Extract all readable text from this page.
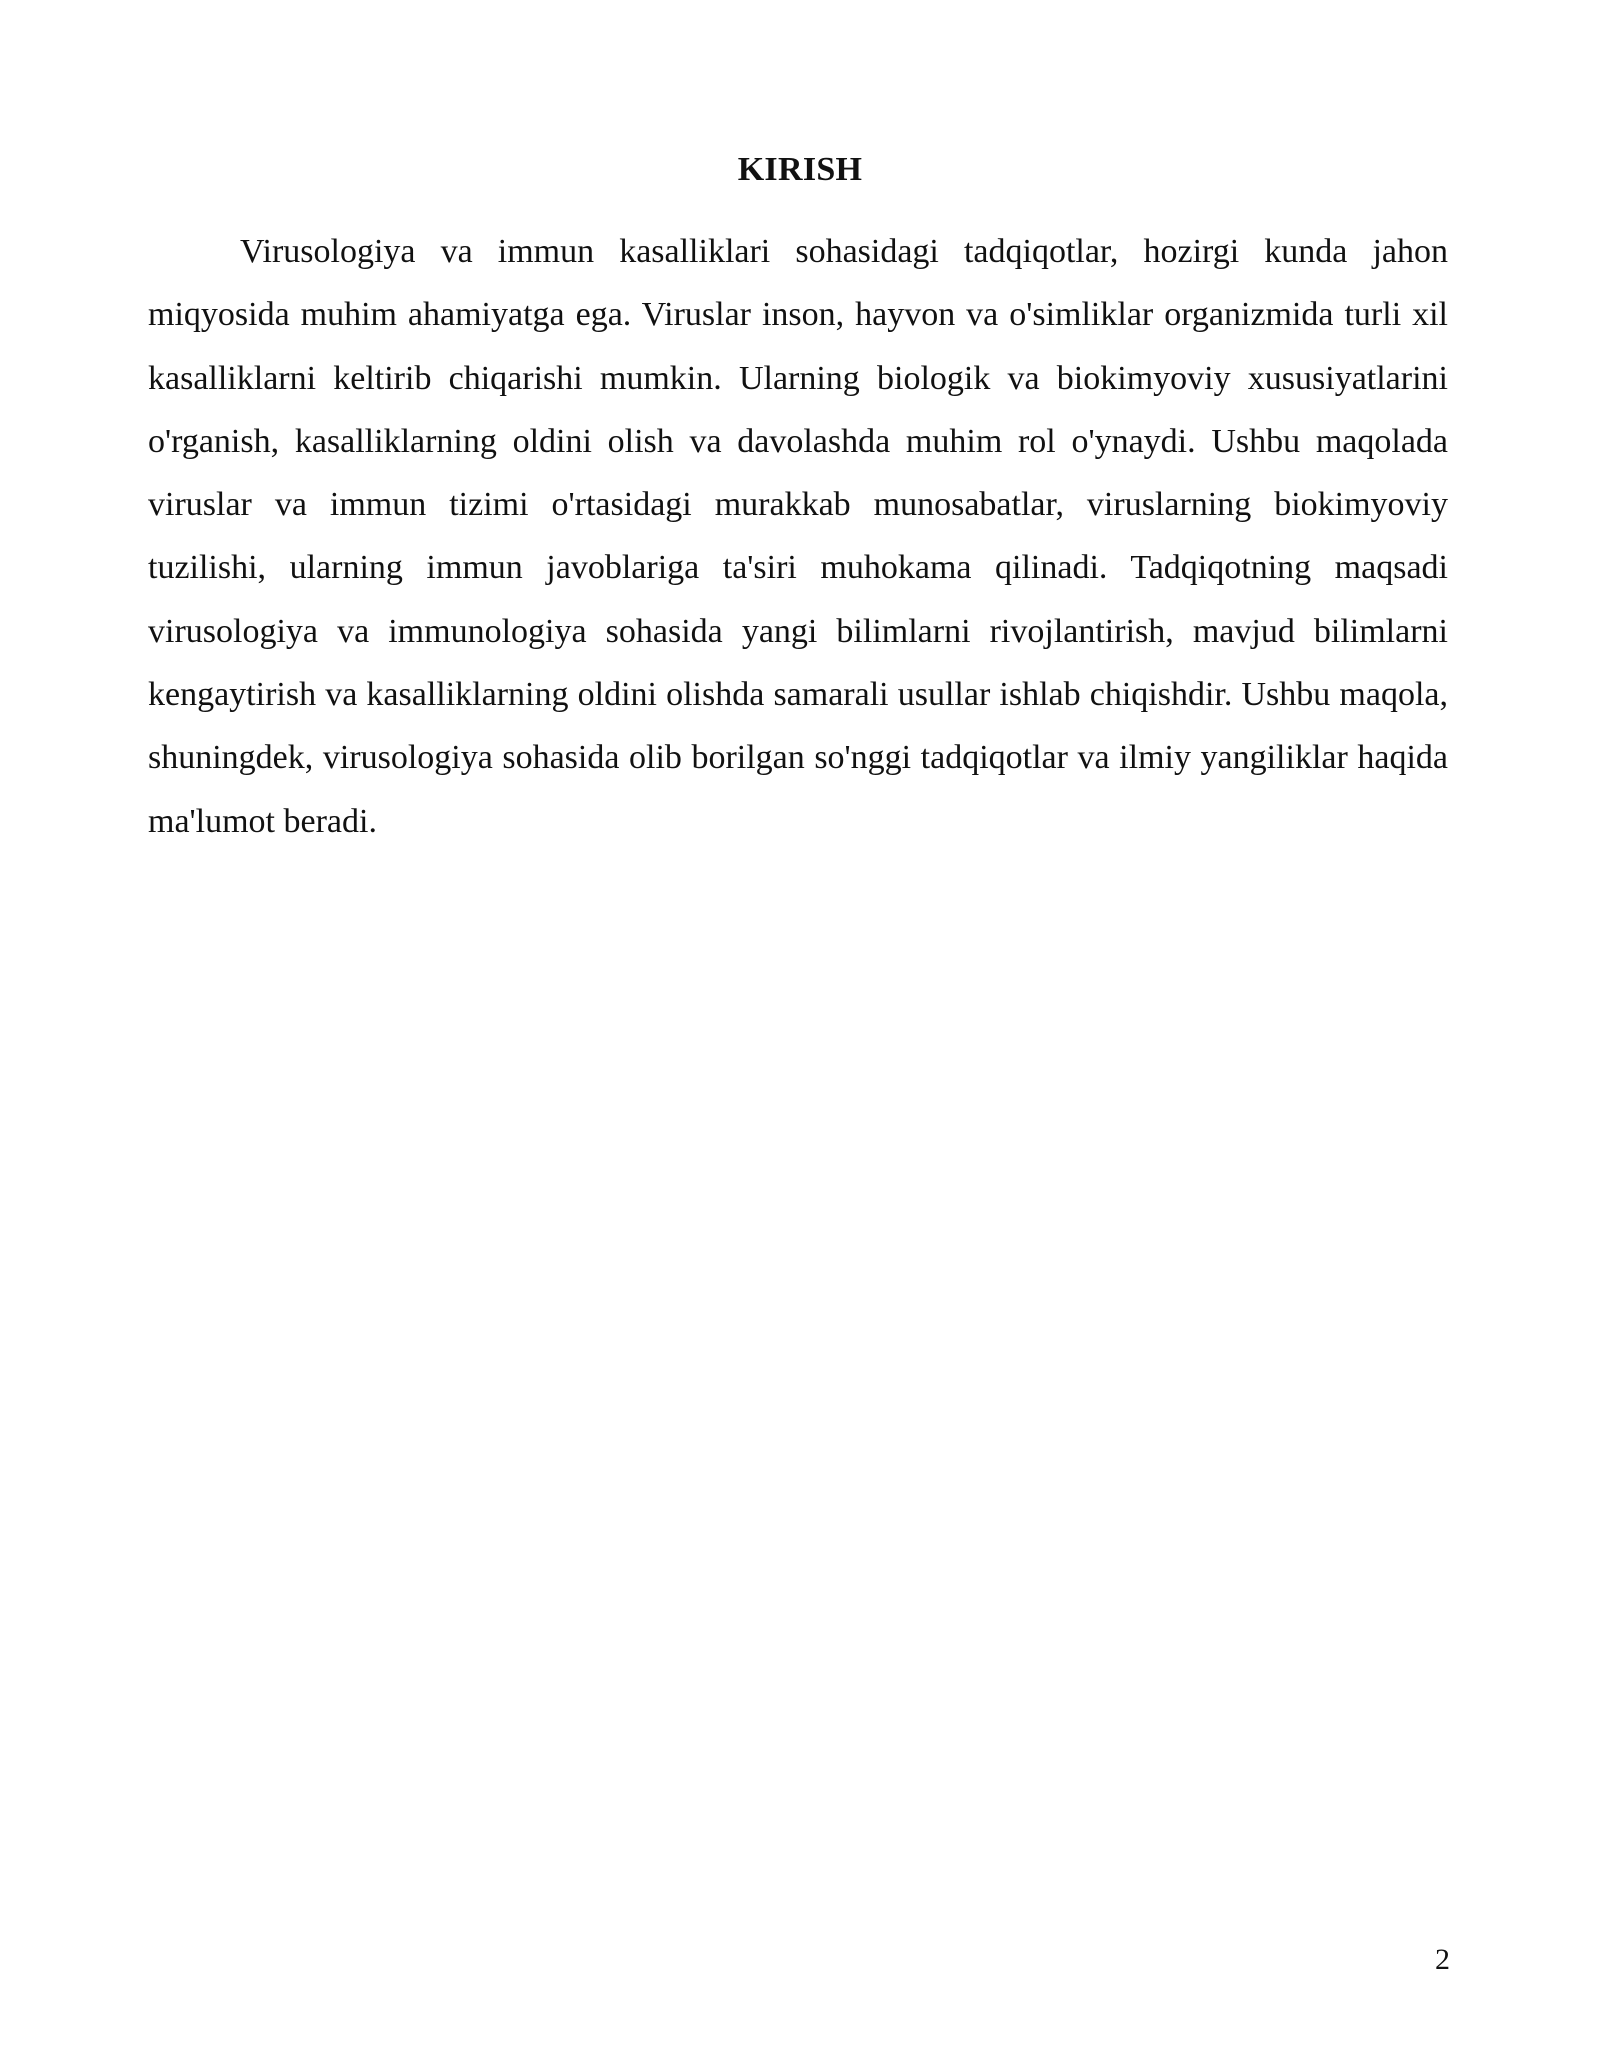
KIRISH

Virusologiya va immun kasalliklari sohasidagi tadqiqotlar, hozirgi kunda jahon miqyosida muhim ahamiyatga ega. Viruslar inson, hayvon va o'simliklar organizmida turli xil kasalliklarni keltirib chiqarishi mumkin. Ularning biologik va biokimyoviy xususiyatlarini o'rganish, kasalliklarning oldini olish va davolashda muhim rol o'ynaydi. Ushbu maqolada viruslar va immun tizimi o'rtasidagi murakkab munosabatlar, viruslarning biokimyoviy tuzilishi, ularning immun javoblariga ta'siri muhokama qilinadi. Tadqiqotning maqsadi virusologiya va immunologiya sohasida yangi bilimlarni rivojlantirish, mavjud bilimlarni kengaytirish va kasalliklarning oldini olishda samarali usullar ishlab chiqishdir. Ushbu maqola, shuningdek, virusologiya sohasida olib borilgan so'nggi tadqiqotlar va ilmiy yangiliklar haqida ma'lumot beradi.

2
